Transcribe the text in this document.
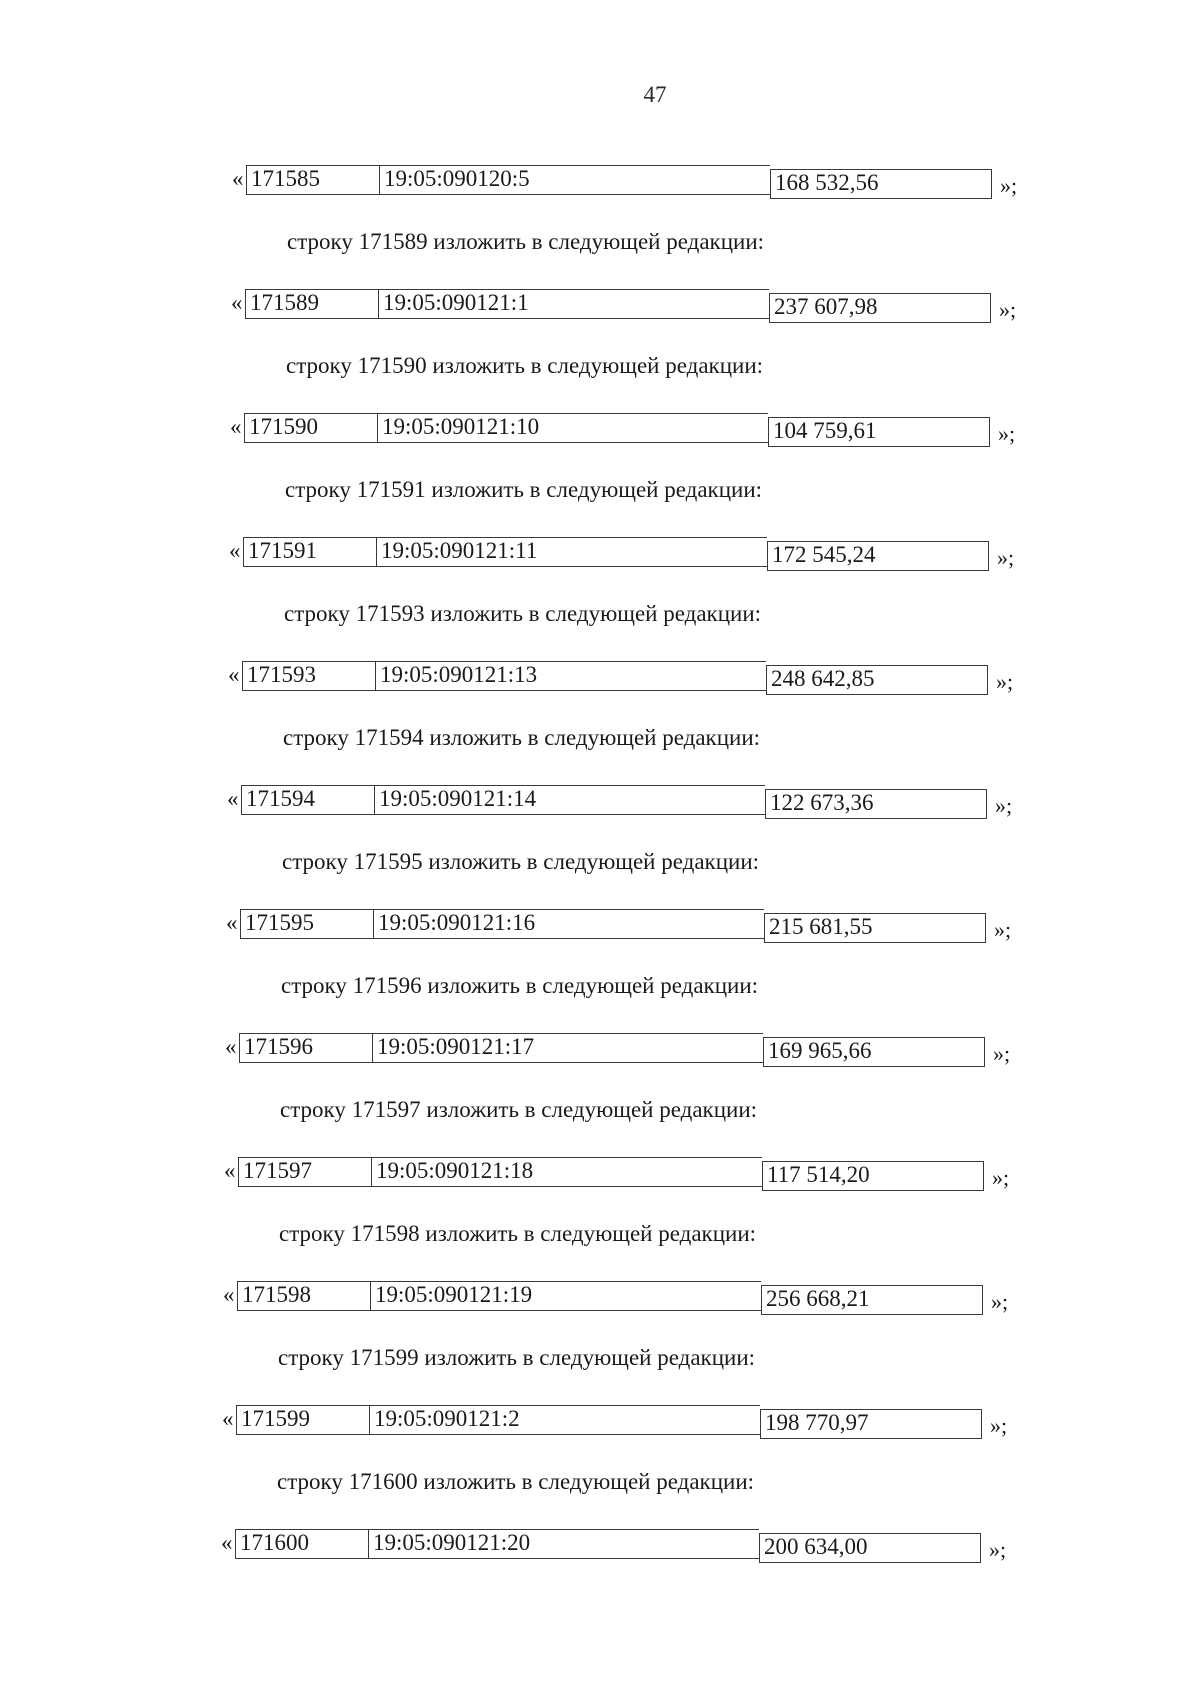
47
« 171585	19:05:090120:5	168 532,56	»;
строку 171589 изложить в следующей редакции:
« 171589	19:05:090121:1	237 607,98	»;
строку 171590 изложить в следующей редакции:
« 171590	19:05:090121:10	104 759,61	»;
строку 171591 изложить в следующей редакции:
« 171591	19:05:090121:11	172 545,24	»;
строку 171593 изложить в следующей редакции:
« 171593	19:05:090121:13	248 642,85	»;
строку 171594 изложить в следующей редакции:
« 171594	19:05:090121:14	122 673,36	»;
строку 171595 изложить в следующей редакции:
« 171595	19:05:090121:16	215 681,55	»;
строку 171596 изложить в следующей редакции:
« 171596	19:05:090121:17	169 965,66	»;
строку 171597 изложить в следующей редакции:
« 171597	19:05:090121:18	117 514,20	»;
строку 171598 изложить в следующей редакции:
« 171598	19:05:090121:19	256 668,21	»;
строку 171599 изложить в следующей редакции:
« 171599	19:05:090121:2	198 770,97	»;
строку 171600 изложить в следующей редакции:
« 171600	19:05:090121:20	200 634,00	»;
